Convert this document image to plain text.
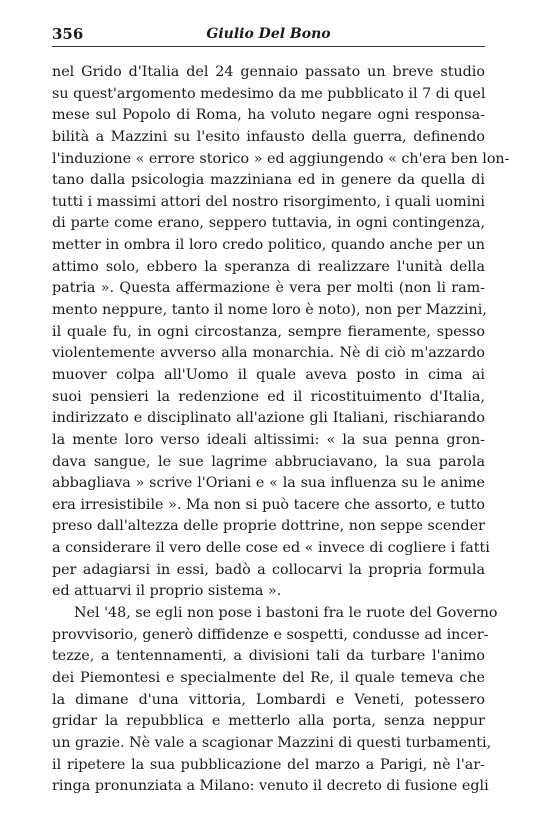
356	Giulio Del Bono
nel Grido d'Italia del 24 gennaio passato un breve studio
su quest'argomento medesimo da me pubblicato il 7 di quel
mese sul Popolo di Roma, ha voluto negare ogni responsa-
bilità a Mazzini su l'esito infausto della guerra, definendo
l'induzione « errore storico » ed aggiungendo « ch'era ben lon-
tano dalla psicologia mazziniana ed in genere da quella di
tutti i massimi attori del nostro risorgimento, i quali uomini
di parte come erano, seppero tuttavia, in ogni contingenza,
metter in ombra il loro credo politico, quando anche per un
attimo solo, ebbero la speranza di realizzare l'unità della
patria ». Questa affermazione è vera per molti (non li ram-
mento neppure, tanto il nome loro è noto), non per Mazzini,
il quale fu, in ogni circostanza, sempre fieramente, spesso
violentemente avverso alla monarchia. Nè di ciò m'azzardo
muover colpa all'Uomo il quale aveva posto in cima ai
suoi pensieri la redenzione ed il ricostituimento d'Italia,
indirizzato e disciplinato all'azione gli Italiani, rischiarando
la mente loro verso ideali altissimi: « la sua penna gron-
dava sangue, le sue lagrime abbruciavano, la sua parola
abbagliava » scrive l'Oriani e « la sua influenza su le anime
era irresistibile ». Ma non si può tacere che assorto, e tutto
preso dall'altezza delle proprie dottrine, non seppe scender
a considerare il vero delle cose ed « invece di cogliere i fatti
per adagiarsi in essi, badò a collocarvi la propria formula
ed attuarvi il proprio sistema ».
Nel '48, se egli non pose i bastoni fra le ruote del Governo
provvisorio, generò diffidenze e sospetti, condusse ad incer-
tezze, a tentennamenti, a divisioni tali da turbare l'animo
dei Piemontesi e specialmente del Re, il quale temeva che
la dimane d'una vittoria, Lombardi e Veneti, potessero
gridar la repubblica e metterlo alla porta, senza neppur
un grazie. Nè vale a scagionar Mazzini di questi turbamenti,
il ripetere la sua pubblicazione del marzo a Parigi, nè l'ar-
ringa pronunziata a Milano: venuto il decreto di fusione egli
